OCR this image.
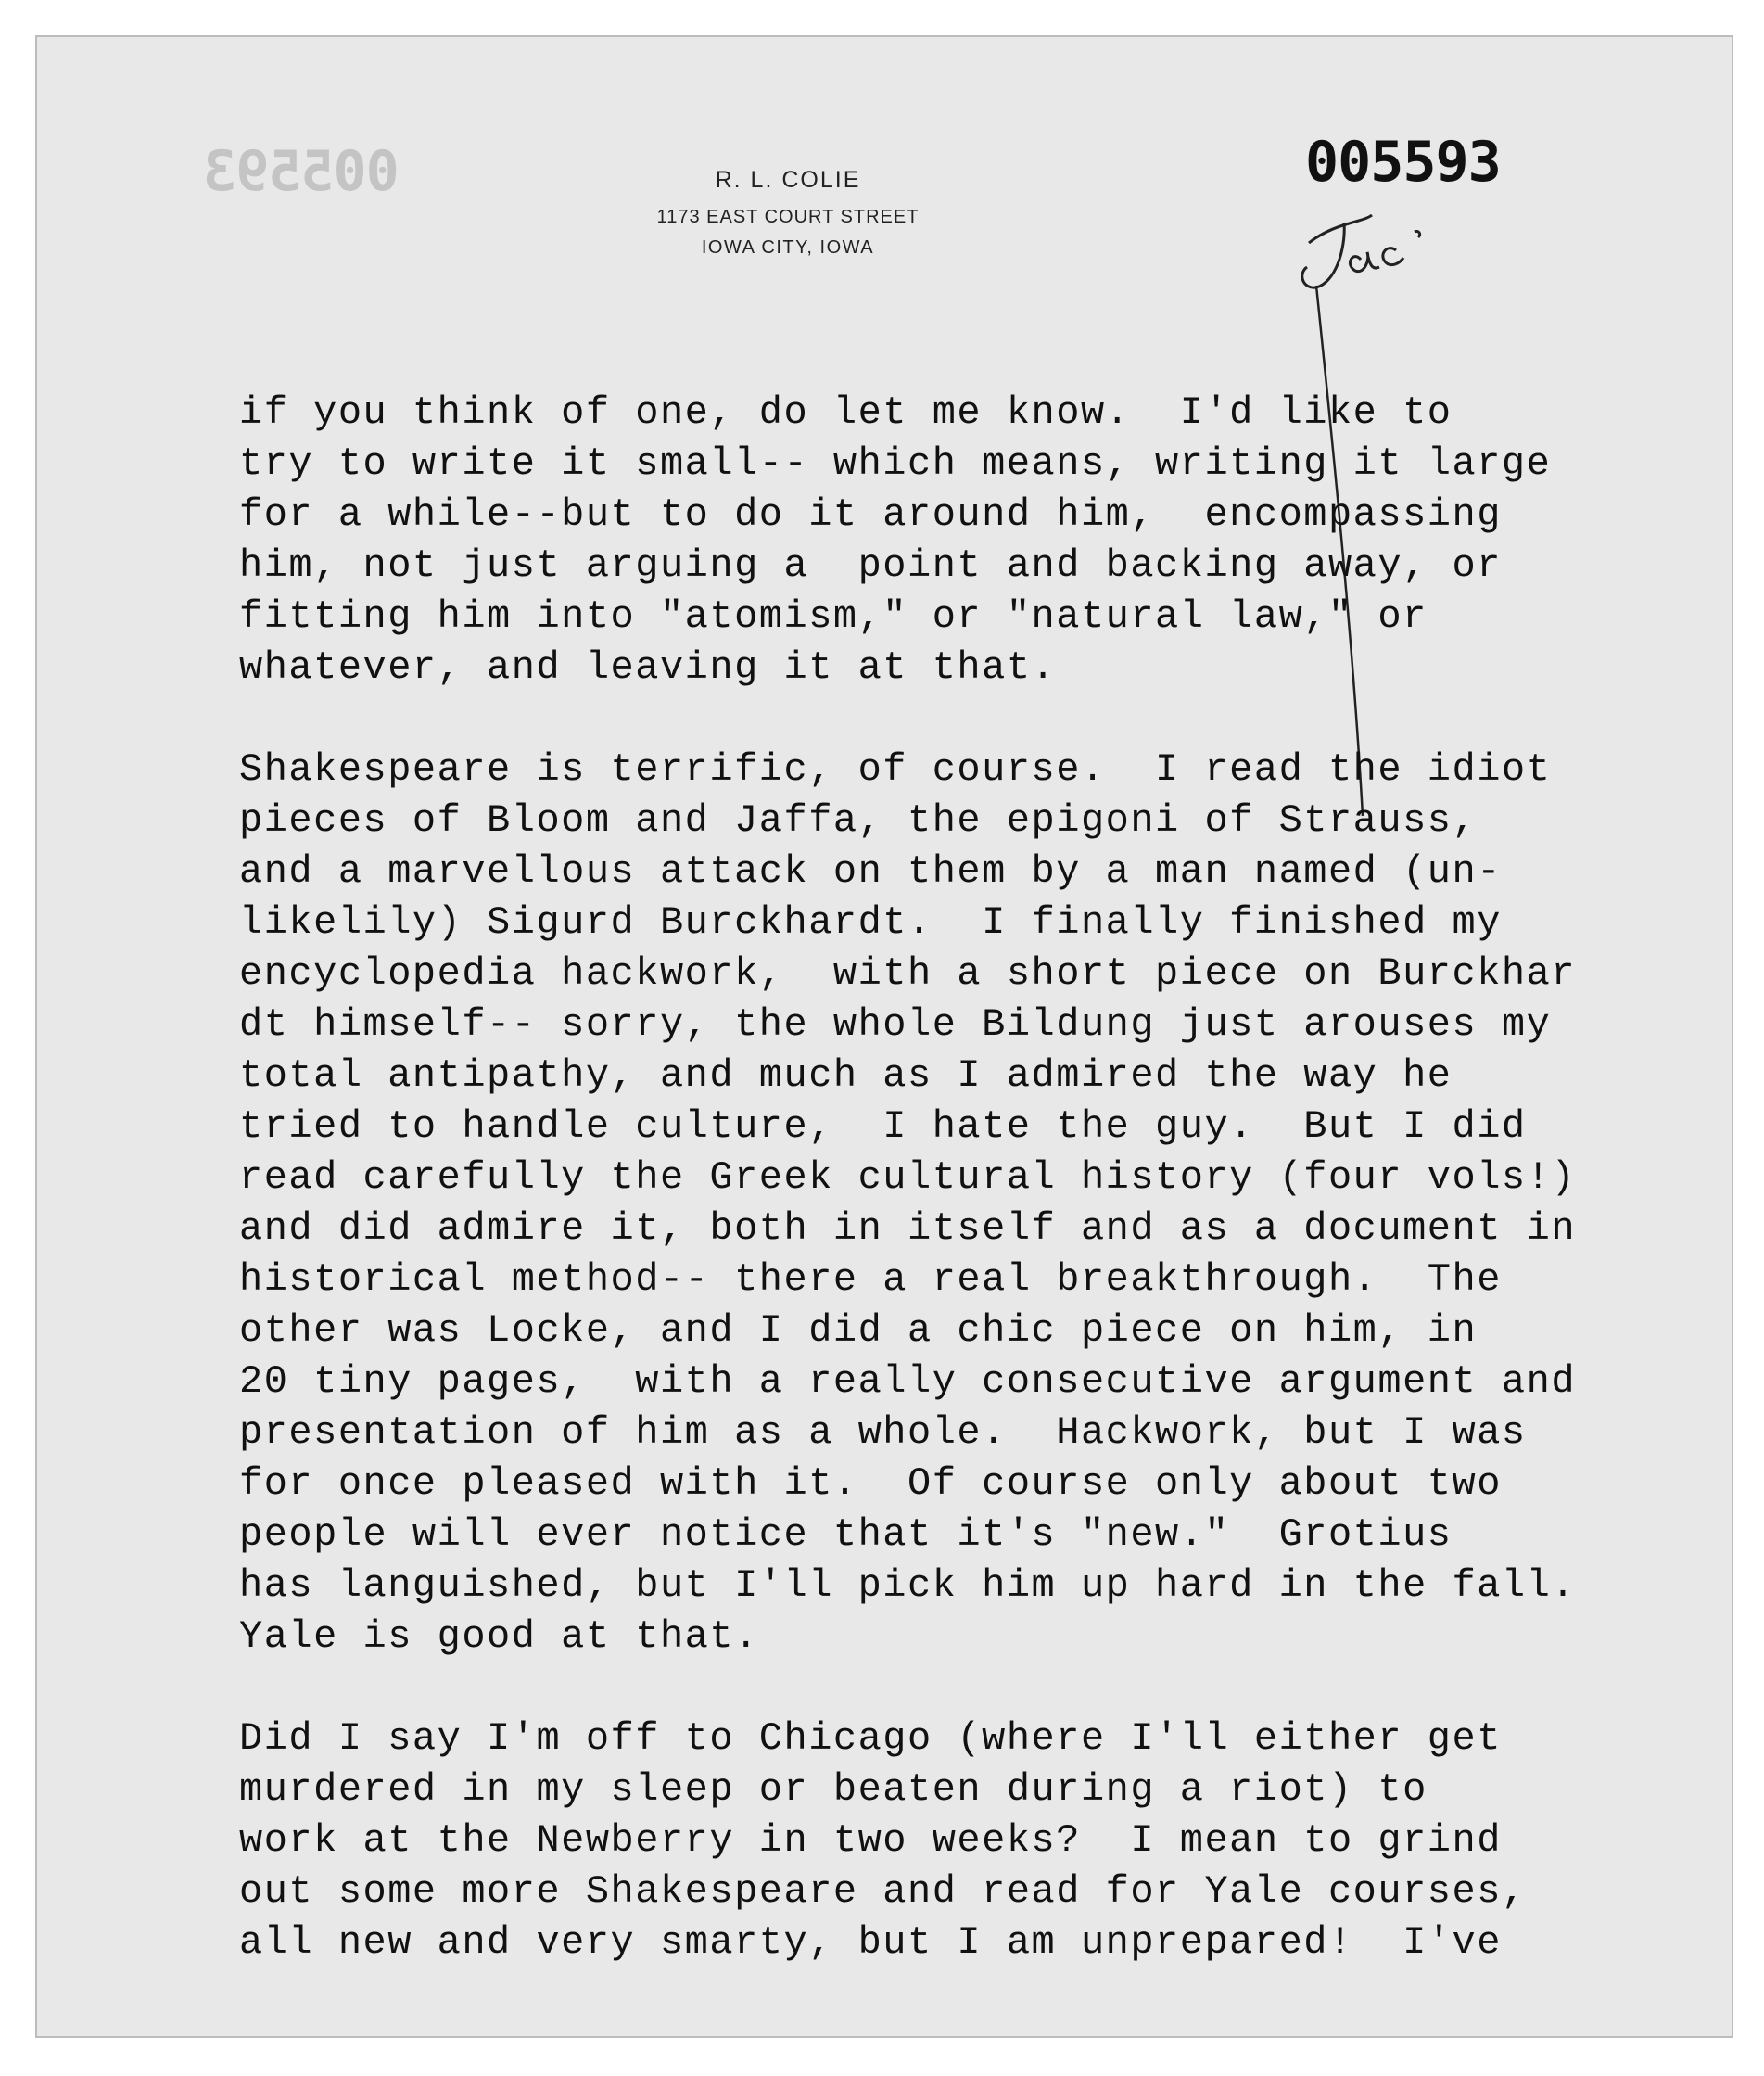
005593	R. L. COLIE
1173 EAST COURT STREET
IOWA CITY, IOWA
005593
if you think of one, do let me know.  I'd like to
try to write it small-- which means, writing it large
for a while--but to do it around him,  encompassing
him, not just arguing a  point and backing away, or
fitting him into "atomism," or "natural law," or
whatever, and leaving it at that.
Shakespeare is terrific, of course.  I read the idiot
pieces of Bloom and Jaffa, the epigoni of Strauss,
and a marvellous attack on them by a man named (un-
likelily) Sigurd Burckhardt.  I finally finished my
encyclopedia hackwork,  with a short piece on Burckhar
dt himself-- sorry, the whole Bildung just arouses my
total antipathy, and much as I admired the way he
tried to handle culture,  I hate the guy.  But I did
read carefully the Greek cultural history (four vols!)
and did admire it, both in itself and as a document in
historical method-- there a real breakthrough.  The
other was Locke, and I did a chic piece on him, in
20 tiny pages,  with a really consecutive argument and
presentation of him as a whole.  Hackwork, but I was
for once pleased with it.  Of course only about two
people will ever notice that it's "new."  Grotius
has languished, but I'll pick him up hard in the fall.
Yale is good at that.
Did I say I'm off to Chicago (where I'll either get
murdered in my sleep or beaten during a riot) to
work at the Newberry in two weeks?  I mean to grind
out some more Shakespeare and read for Yale courses,
all new and very smarty, but I am unprepared!  I've
